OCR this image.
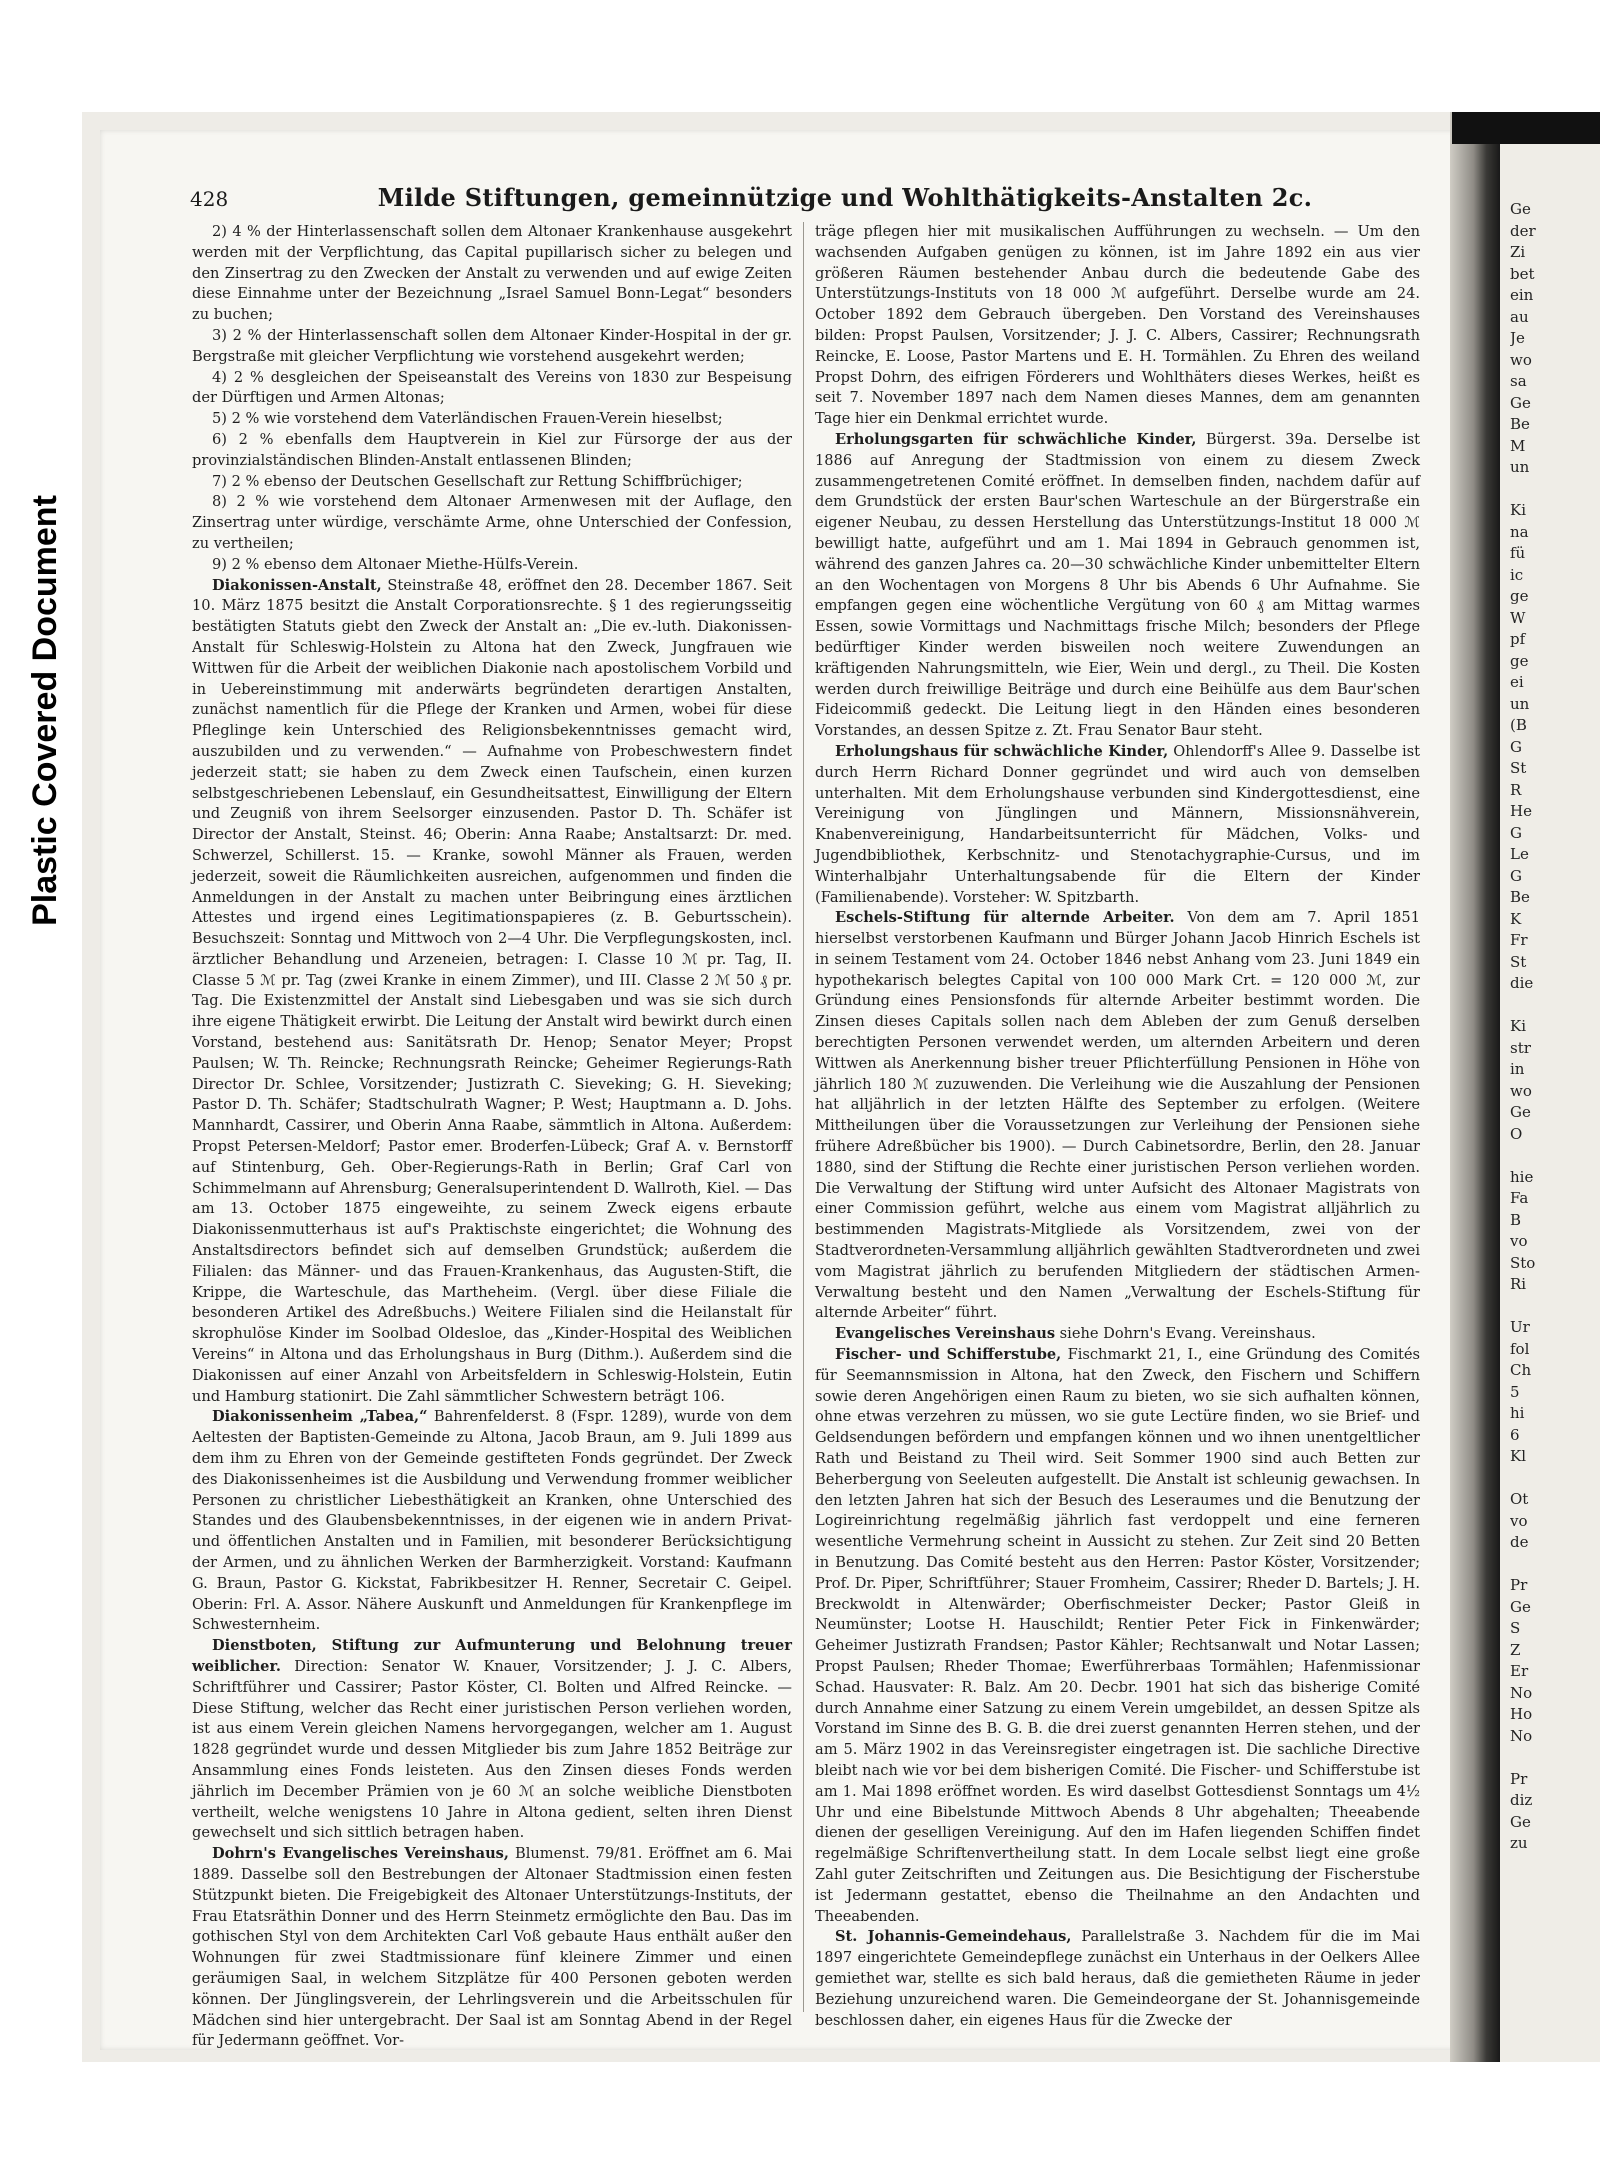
Plastic Covered Document
Ge
der
Zi
bet
ein
au
Je
wo
sa
Ge
Be
M
un
Ki
na
fü
ic
ge
W
pf
ge
ei
un
(B
G
St
R
He
G
Le
G
Be
K
Fr
St
die
Ki
str
in
wo
Ge
O
hie
Fa
B
vo
Sto
Ri
Ur
fol
Ch
5
hi
6
Kl
Ot
vo
de
Pr
Ge
S
Z
Er
No
Ho
No
Pr
diz
Ge
zu
428	Milde Stiftungen, gemeinnützige und Wohlthätigkeits-Anstalten 2c.

2) 4 % der Hinterlassenschaft sollen dem Altonaer Krankenhause ausgekehrt werden mit der Verpflichtung, das Capital pupillarisch sicher zu belegen und den Zinsertrag zu den Zwecken der Anstalt zu verwenden und auf ewige Zeiten diese Einnahme unter der Bezeichnung „Israel Samuel Bonn-Legat“ besonders zu buchen;

3) 2 % der Hinterlassenschaft sollen dem Altonaer Kinder-Hospital in der gr. Bergstraße mit gleicher Verpflichtung wie vorstehend ausgekehrt werden;

4) 2 % desgleichen der Speiseanstalt des Vereins von 1830 zur Bespeisung der Dürftigen und Armen Altonas;

5) 2 % wie vorstehend dem Vaterländischen Frauen-Verein hieselbst;

6) 2 % ebenfalls dem Hauptverein in Kiel zur Fürsorge der aus der provinzialständischen Blinden-Anstalt entlassenen Blinden;

7) 2 % ebenso der Deutschen Gesellschaft zur Rettung Schiffbrüchiger;

8) 2 % wie vorstehend dem Altonaer Armenwesen mit der Auflage, den Zinsertrag unter würdige, verschämte Arme, ohne Unterschied der Confession, zu vertheilen;

9) 2 % ebenso dem Altonaer Miethe-Hülfs-Verein.

Diakonissen-Anstalt, Steinstraße 48, eröffnet den 28. December 1867. Seit 10. März 1875 besitzt die Anstalt Corporationsrechte. § 1 des regierungsseitig bestätigten Statuts giebt den Zweck der Anstalt an: „Die ev.-luth. Diakonissen-Anstalt für Schleswig-Holstein zu Altona hat den Zweck, Jungfrauen wie Wittwen für die Arbeit der weiblichen Diakonie nach apostolischem Vorbild und in Uebereinstimmung mit anderwärts begründeten derartigen Anstalten, zunächst namentlich für die Pflege der Kranken und Armen, wobei für diese Pfleglinge kein Unterschied des Religionsbekenntnisses gemacht wird, auszubilden und zu verwenden.“ — Aufnahme von Probeschwestern findet jederzeit statt; sie haben zu dem Zweck einen Taufschein, einen kurzen selbstgeschriebenen Lebenslauf, ein Gesundheitsattest, Einwilligung der Eltern und Zeugniß von ihrem Seelsorger einzusenden. Pastor D. Th. Schäfer ist Director der Anstalt, Steinst. 46; Oberin: Anna Raabe; Anstaltsarzt: Dr. med. Schwerzel, Schillerst. 15. — Kranke, sowohl Männer als Frauen, werden jederzeit, soweit die Räumlichkeiten ausreichen, aufgenommen und finden die Anmeldungen in der Anstalt zu machen unter Beibringung eines ärztlichen Attestes und irgend eines Legitimationspapieres (z. B. Geburtsschein). Besuchszeit: Sonntag und Mittwoch von 2—4 Uhr. Die Verpflegungskosten, incl. ärztlicher Behandlung und Arzeneien, betragen: I. Classe 10 ℳ pr. Tag, II. Classe 5 ℳ pr. Tag (zwei Kranke in einem Zimmer), und III. Classe 2 ℳ 50 ₰ pr. Tag. Die Existenzmittel der Anstalt sind Liebesgaben und was sie sich durch ihre eigene Thätigkeit erwirbt. Die Leitung der Anstalt wird bewirkt durch einen Vorstand, bestehend aus: Sanitätsrath Dr. Henop; Senator Meyer; Propst Paulsen; W. Th. Reincke; Rechnungsrath Reincke; Geheimer Regierungs-Rath Director Dr. Schlee, Vorsitzender; Justizrath C. Sieveking; G. H. Sieveking; Pastor D. Th. Schäfer; Stadtschulrath Wagner; P. West; Hauptmann a. D. Johs. Mannhardt, Cassirer, und Oberin Anna Raabe, sämmtlich in Altona. Außerdem: Propst Petersen-Meldorf; Pastor emer. Broderfen-Lübeck; Graf A. v. Bernstorff auf Stintenburg, Geh. Ober-Regierungs-Rath in Berlin; Graf Carl von Schimmelmann auf Ahrensburg; Generalsuperintendent D. Wallroth, Kiel. — Das am 13. October 1875 eingeweihte, zu seinem Zweck eigens erbaute Diakonissenmutterhaus ist auf's Praktischste eingerichtet; die Wohnung des Anstaltsdirectors befindet sich auf demselben Grundstück; außerdem die Filialen: das Männer- und das Frauen-Krankenhaus, das Augusten-Stift, die Krippe, die Warteschule, das Martheheim. (Vergl. über diese Filiale die besonderen Artikel des Adreßbuchs.) Weitere Filialen sind die Heilanstalt für skrophulöse Kinder im Soolbad Oldesloe, das „Kinder-Hospital des Weiblichen Vereins“ in Altona und das Erholungshaus in Burg (Dithm.). Außerdem sind die Diakonissen auf einer Anzahl von Arbeitsfeldern in Schleswig-Holstein, Eutin und Hamburg stationirt. Die Zahl sämmtlicher Schwestern beträgt 106.

Diakonissenheim „Tabea,“ Bahrenfelderst. 8 (Fspr. 1289), wurde von dem Aeltesten der Baptisten-Gemeinde zu Altona, Jacob Braun, am 9. Juli 1899 aus dem ihm zu Ehren von der Gemeinde gestifteten Fonds gegründet. Der Zweck des Diakonissenheimes ist die Ausbildung und Verwendung frommer weiblicher Personen zu christlicher Liebesthätigkeit an Kranken, ohne Unterschied des Standes und des Glaubensbekenntnisses, in der eigenen wie in andern Privat- und öffentlichen Anstalten und in Familien, mit besonderer Berücksichtigung der Armen, und zu ähnlichen Werken der Barmherzigkeit. Vorstand: Kaufmann G. Braun, Pastor G. Kickstat, Fabrikbesitzer H. Renner, Secretair C. Geipel. Oberin: Frl. A. Assor. Nähere Auskunft und Anmeldungen für Krankenpflege im Schwesternheim.

Dienstboten, Stiftung zur Aufmunterung und Belohnung treuer weiblicher. Direction: Senator W. Knauer, Vorsitzender; J. J. C. Albers, Schriftführer und Cassirer; Pastor Köster, Cl. Bolten und Alfred Reincke. — Diese Stiftung, welcher das Recht einer juristischen Person verliehen worden, ist aus einem Verein gleichen Namens hervorgegangen, welcher am 1. August 1828 gegründet wurde und dessen Mitglieder bis zum Jahre 1852 Beiträge zur Ansammlung eines Fonds leisteten. Aus den Zinsen dieses Fonds werden jährlich im December Prämien von je 60 ℳ an solche weibliche Dienstboten vertheilt, welche wenigstens 10 Jahre in Altona gedient, selten ihren Dienst gewechselt und sich sittlich betragen haben.

Dohrn's Evangelisches Vereinshaus, Blumenst. 79/81. Eröffnet am 6. Mai 1889. Dasselbe soll den Bestrebungen der Altonaer Stadtmission einen festen Stützpunkt bieten. Die Freigebigkeit des Altonaer Unterstützungs-Instituts, der Frau Etatsräthin Donner und des Herrn Steinmetz ermöglichte den Bau. Das im gothischen Styl von dem Architekten Carl Voß gebaute Haus enthält außer den Wohnungen für zwei Stadtmissionare fünf kleinere Zimmer und einen geräumigen Saal, in welchem Sitzplätze für 400 Personen geboten werden können. Der Jünglingsverein, der Lehrlingsverein und die Arbeitsschulen für Mädchen sind hier untergebracht. Der Saal ist am Sonntag Abend in der Regel für Jedermann geöffnet. Vor-

träge pflegen hier mit musikalischen Aufführungen zu wechseln. — Um den wachsenden Aufgaben genügen zu können, ist im Jahre 1892 ein aus vier größeren Räumen bestehender Anbau durch die bedeutende Gabe des Unterstützungs-Instituts von 18 000 ℳ aufgeführt. Derselbe wurde am 24. October 1892 dem Gebrauch übergeben. Den Vorstand des Vereinshauses bilden: Propst Paulsen, Vorsitzender; J. J. C. Albers, Cassirer; Rechnungsrath Reincke, E. Loose, Pastor Martens und E. H. Tormählen. Zu Ehren des weiland Propst Dohrn, des eifrigen Förderers und Wohlthäters dieses Werkes, heißt es seit 7. November 1897 nach dem Namen dieses Mannes, dem am genannten Tage hier ein Denkmal errichtet wurde.

Erholungsgarten für schwächliche Kinder, Bürgerst. 39a. Derselbe ist 1886 auf Anregung der Stadtmission von einem zu diesem Zweck zusammengetretenen Comité eröffnet. In demselben finden, nachdem dafür auf dem Grundstück der ersten Baur'schen Warteschule an der Bürgerstraße ein eigener Neubau, zu dessen Herstellung das Unterstützungs-Institut 18 000 ℳ bewilligt hatte, aufgeführt und am 1. Mai 1894 in Gebrauch genommen ist, während des ganzen Jahres ca. 20—30 schwächliche Kinder unbemittelter Eltern an den Wochentagen von Morgens 8 Uhr bis Abends 6 Uhr Aufnahme. Sie empfangen gegen eine wöchentliche Vergütung von 60 ₰ am Mittag warmes Essen, sowie Vormittags und Nachmittags frische Milch; besonders der Pflege bedürftiger Kinder werden bisweilen noch weitere Zuwendungen an kräftigenden Nahrungsmitteln, wie Eier, Wein und dergl., zu Theil. Die Kosten werden durch freiwillige Beiträge und durch eine Beihülfe aus dem Baur'schen Fideicommiß gedeckt. Die Leitung liegt in den Händen eines besonderen Vorstandes, an dessen Spitze z. Zt. Frau Senator Baur steht.

Erholungshaus für schwächliche Kinder, Ohlendorff's Allee 9. Dasselbe ist durch Herrn Richard Donner gegründet und wird auch von demselben unterhalten. Mit dem Erholungshause verbunden sind Kindergottesdienst, eine Vereinigung von Jünglingen und Männern, Missionsnähverein, Knabenvereinigung, Handarbeitsunterricht für Mädchen, Volks- und Jugendbibliothek, Kerbschnitz- und Stenotachygraphie-Cursus, und im Winterhalbjahr Unterhaltungsabende für die Eltern der Kinder (Familienabende). Vorsteher: W. Spitzbarth.

Eschels-Stiftung für alternde Arbeiter. Von dem am 7. April 1851 hierselbst verstorbenen Kaufmann und Bürger Johann Jacob Hinrich Eschels ist in seinem Testament vom 24. October 1846 nebst Anhang vom 23. Juni 1849 ein hypothekarisch belegtes Capital von 100 000 Mark Crt. = 120 000 ℳ, zur Gründung eines Pensionsfonds für alternde Arbeiter bestimmt worden. Die Zinsen dieses Capitals sollen nach dem Ableben der zum Genuß derselben berechtigten Personen verwendet werden, um alternden Arbeitern und deren Wittwen als Anerkennung bisher treuer Pflichterfüllung Pensionen in Höhe von jährlich 180 ℳ zuzuwenden. Die Verleihung wie die Auszahlung der Pensionen hat alljährlich in der letzten Hälfte des September zu erfolgen. (Weitere Mittheilungen über die Voraussetzungen zur Verleihung der Pensionen siehe frühere Adreßbücher bis 1900). — Durch Cabinetsordre, Berlin, den 28. Januar 1880, sind der Stiftung die Rechte einer juristischen Person verliehen worden. Die Verwaltung der Stiftung wird unter Aufsicht des Altonaer Magistrats von einer Commission geführt, welche aus einem vom Magistrat alljährlich zu bestimmenden Magistrats-Mitgliede als Vorsitzendem, zwei von der Stadtverordneten-Versammlung alljährlich gewählten Stadtverordneten und zwei vom Magistrat jährlich zu berufenden Mitgliedern der städtischen Armen-Verwaltung besteht und den Namen „Verwaltung der Eschels-Stiftung für alternde Arbeiter“ führt.

Evangelisches Vereinshaus siehe Dohrn's Evang. Vereinshaus.

Fischer- und Schifferstube, Fischmarkt 21, I., eine Gründung des Comités für Seemannsmission in Altona, hat den Zweck, den Fischern und Schiffern sowie deren Angehörigen einen Raum zu bieten, wo sie sich aufhalten können, ohne etwas verzehren zu müssen, wo sie gute Lectüre finden, wo sie Brief- und Geldsendungen befördern und empfangen können und wo ihnen unentgeltlicher Rath und Beistand zu Theil wird. Seit Sommer 1900 sind auch Betten zur Beherbergung von Seeleuten aufgestellt. Die Anstalt ist schleunig gewachsen. In den letzten Jahren hat sich der Besuch des Leseraumes und die Benutzung der Logireinrichtung regelmäßig jährlich fast verdoppelt und eine ferneren wesentliche Vermehrung scheint in Aussicht zu stehen. Zur Zeit sind 20 Betten in Benutzung. Das Comité besteht aus den Herren: Pastor Köster, Vorsitzender; Prof. Dr. Piper, Schriftführer; Stauer Fromheim, Cassirer; Rheder D. Bartels; J. H. Breckwoldt in Altenwärder; Oberfischmeister Decker; Pastor Gleiß in Neumünster; Lootse H. Hauschildt; Rentier Peter Fick in Finkenwärder; Geheimer Justizrath Frandsen; Pastor Kähler; Rechtsanwalt und Notar Lassen; Propst Paulsen; Rheder Thomae; Ewerführerbaas Tormählen; Hafenmissionar Schad. Hausvater: R. Balz. Am 20. Decbr. 1901 hat sich das bisherige Comité durch Annahme einer Satzung zu einem Verein umgebildet, an dessen Spitze als Vorstand im Sinne des B. G. B. die drei zuerst genannten Herren stehen, und der am 5. März 1902 in das Vereinsregister eingetragen ist. Die sachliche Directive bleibt nach wie vor bei dem bisherigen Comité. Die Fischer- und Schifferstube ist am 1. Mai 1898 eröffnet worden. Es wird daselbst Gottesdienst Sonntags um 4½ Uhr und eine Bibelstunde Mittwoch Abends 8 Uhr abgehalten; Theeabende dienen der geselligen Vereinigung. Auf den im Hafen liegenden Schiffen findet regelmäßige Schriftenvertheilung statt. In dem Locale selbst liegt eine große Zahl guter Zeitschriften und Zeitungen aus. Die Besichtigung der Fischerstube ist Jedermann gestattet, ebenso die Theilnahme an den Andachten und Theeabenden.

St. Johannis-Gemeindehaus, Parallelstraße 3. Nachdem für die im Mai 1897 eingerichtete Gemeindepflege zunächst ein Unterhaus in der Oelkers Allee gemiethet war, stellte es sich bald heraus, daß die gemietheten Räume in jeder Beziehung unzureichend waren. Die Gemeindeorgane der St. Johannisgemeinde beschlossen daher, ein eigenes Haus für die Zwecke der
